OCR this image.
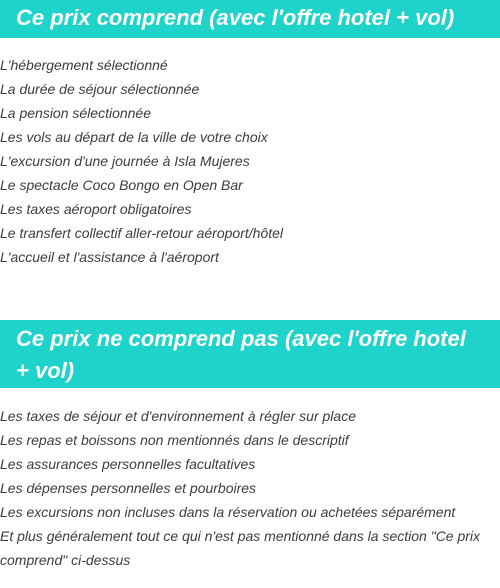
Ce prix comprend (avec l'offre hotel + vol)
L'hébergement sélectionné
La durée de séjour sélectionnée
La pension sélectionnée
Les vols au départ de la ville de votre choix
L'excursion d'une journée à Isla Mujeres
Le spectacle Coco Bongo en Open Bar
Les taxes aéroport obligatoires
Le transfert collectif aller-retour aéroport/hôtel
L'accueil et l'assistance à l'aéroport
Ce prix ne comprend pas (avec l'offre hotel + vol)
Les taxes de séjour et d'environnement à régler sur place
Les repas et boissons non mentionnés dans le descriptif
Les assurances personnelles facultatives
Les dépenses personnelles et pourboires
Les excursions non incluses dans la réservation ou achetées séparément
Et plus généralement tout ce qui n'est pas mentionné dans la section "Ce prix comprend" ci-dessus
